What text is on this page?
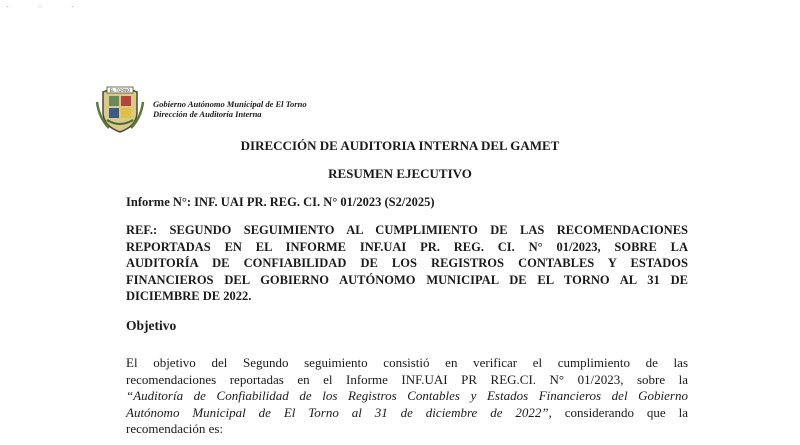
- - -
EL TORNO
Gobierno Autónomo Municipal de El Torno
Dirección de Auditoría Interna
DIRECCIÓN DE AUDITORIA INTERNA DEL GAMET
RESUMEN EJECUTIVO
Informe N°: INF. UAI PR. REG. CI. N° 01/2023 (S2/2025)
REF.: SEGUNDO SEGUIMIENTO AL CUMPLIMIENTO DE LAS RECOMENDACIONES
REPORTADAS EN EL INFORME INF.UAI PR. REG. CI. N° 01/2023, SOBRE LA
AUDITORÍA DE CONFIABILIDAD DE LOS REGISTROS CONTABLES Y ESTADOS
FINANCIEROS DEL GOBIERNO AUTÓNOMO MUNICIPAL DE EL TORNO AL 31 DE
DICIEMBRE DE 2022.
Objetivo
El objetivo del Segundo seguimiento consistió en verificar el cumplimiento de las
recomendaciones reportadas en el Informe INF.UAI PR REG.CI. N° 01/2023, sobre la
“Auditoría de Confiabilidad de los Registros Contables y Estados Financieros del Gobierno
Autónomo Municipal de El Torno al 31 de diciembre de 2022”, considerando que la
recomendación es:
